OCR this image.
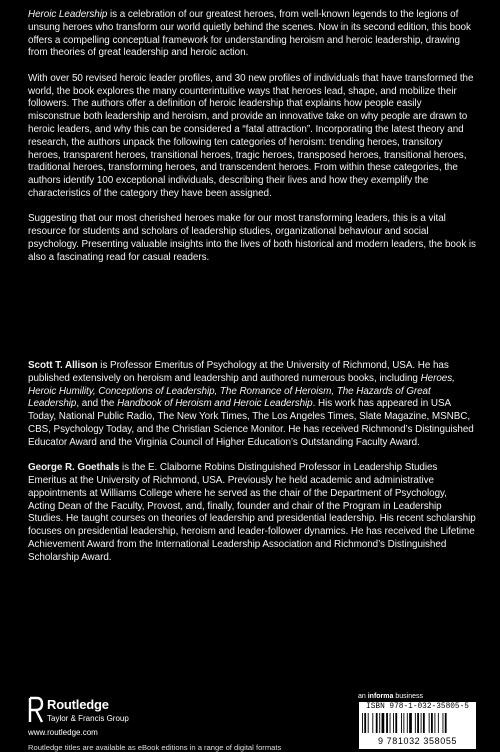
Heroic Leadership is a celebration of our greatest heroes, from well-known legends to the legions of unsung heroes who transform our world quietly behind the scenes. Now in its second edition, this book offers a compelling conceptual framework for understanding heroism and heroic leadership, drawing from theories of great leadership and heroic action.

With over 50 revised heroic leader profiles, and 30 new profiles of individuals that have transformed the world, the book explores the many counterintuitive ways that heroes lead, shape, and mobilize their followers. The authors offer a definition of heroic leadership that explains how people easily misconstrue both leadership and heroism, and provide an innovative take on why people are drawn to heroic leaders, and why this can be considered a “fatal attraction”. Incorporating the latest theory and research, the authors unpack the following ten categories of heroism: trending heroes, transitory heroes, transparent heroes, transitional heroes, tragic heroes, transposed heroes, transitional heroes, traditional heroes, transforming heroes, and transcendent heroes. From within these categories, the authors identify 100 exceptional individuals, describing their lives and how they exemplify the characteristics of the category they have been assigned.

Suggesting that our most cherished heroes make for our most transforming leaders, this is a vital resource for students and scholars of leadership studies, organizational behaviour and social psychology. Presenting valuable insights into the lives of both historical and modern leaders, the book is also a fascinating read for casual readers.

Scott T. Allison is Professor Emeritus of Psychology at the University of Richmond, USA. He has published extensively on heroism and leadership and authored numerous books, including Heroes, Heroic Humility, Conceptions of Leadership, The Romance of Heroism, The Hazards of Great Leadership, and the Handbook of Heroism and Heroic Leadership. His work has appeared in USA Today, National Public Radio, The New York Times, The Los Angeles Times, Slate Magazine, MSNBC, CBS, Psychology Today, and the Christian Science Monitor. He has received Richmond’s Distinguished Educator Award and the Virginia Council of Higher Education’s Outstanding Faculty Award.

George R. Goethals is the E. Claiborne Robins Distinguished Professor in Leadership Studies Emeritus at the University of Richmond, USA. Previously he held academic and administrative appointments at Williams College where he served as the chair of the Department of Psychology, Acting Dean of the Faculty, Provost, and, finally, founder and chair of the Program in Leadership Studies. He taught courses on theories of leadership and presidential leadership. His recent scholarship focuses on presidential leadership, heroism and leader-follower dynamics. He has received the Lifetime Achievement Award from the International Leadership Association and Richmond’s Distinguished Scholarship Award.

Routledge
Taylor & Francis Group
www.routledge.com
Routledge titles are available as eBook editions in a range of digital formats
an informa business
ISBN 978-1-032-35805-5
9 781032 358055
